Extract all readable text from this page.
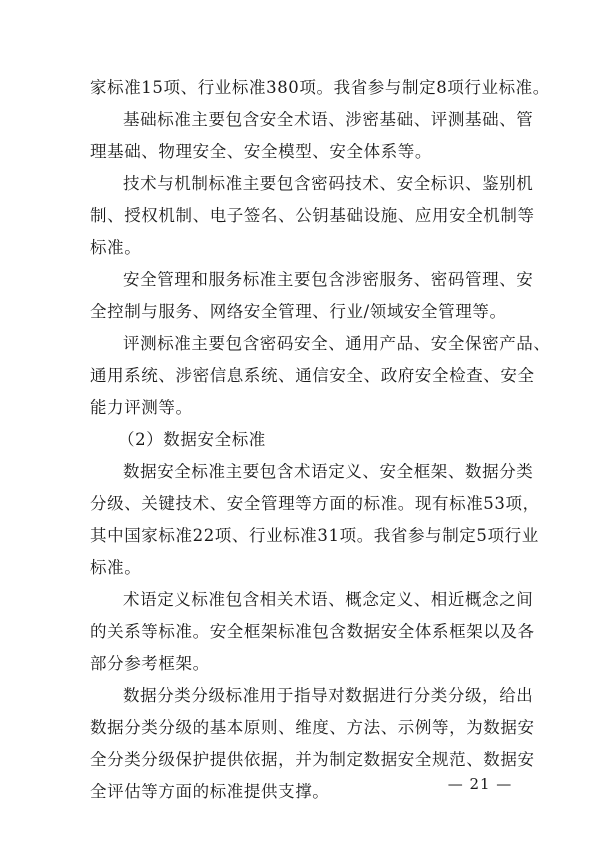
家标准15项、行业标准380项。我省参与制定8项行业标准。
基础标准主要包含安全术语、涉密基础、评测基础、管
理基础、物理安全、安全模型、安全体系等。
技术与机制标准主要包含密码技术、安全标识、鉴别机
制、授权机制、电子签名、公钥基础设施、应用安全机制等
标准。
安全管理和服务标准主要包含涉密服务、密码管理、安
全控制与服务、网络安全管理、行业/领域安全管理等。
评测标准主要包含密码安全、通用产品、安全保密产品、
通用系统、涉密信息系统、通信安全、政府安全检查、安全
能力评测等。
（2）数据安全标准
数据安全标准主要包含术语定义、安全框架、数据分类
分级、关键技术、安全管理等方面的标准。现有标准53项，
其中国家标准22项、行业标准31项。我省参与制定5项行业
标准。
术语定义标准包含相关术语、概念定义、相近概念之间
的关系等标准。安全框架标准包含数据安全体系框架以及各
部分参考框架。
数据分类分级标准用于指导对数据进行分类分级，给出
数据分类分级的基本原则、维度、方法、示例等，为数据安
全分类分级保护提供依据，并为制定数据安全规范、数据安
全评估等方面的标准提供支撑。	— 21 —
